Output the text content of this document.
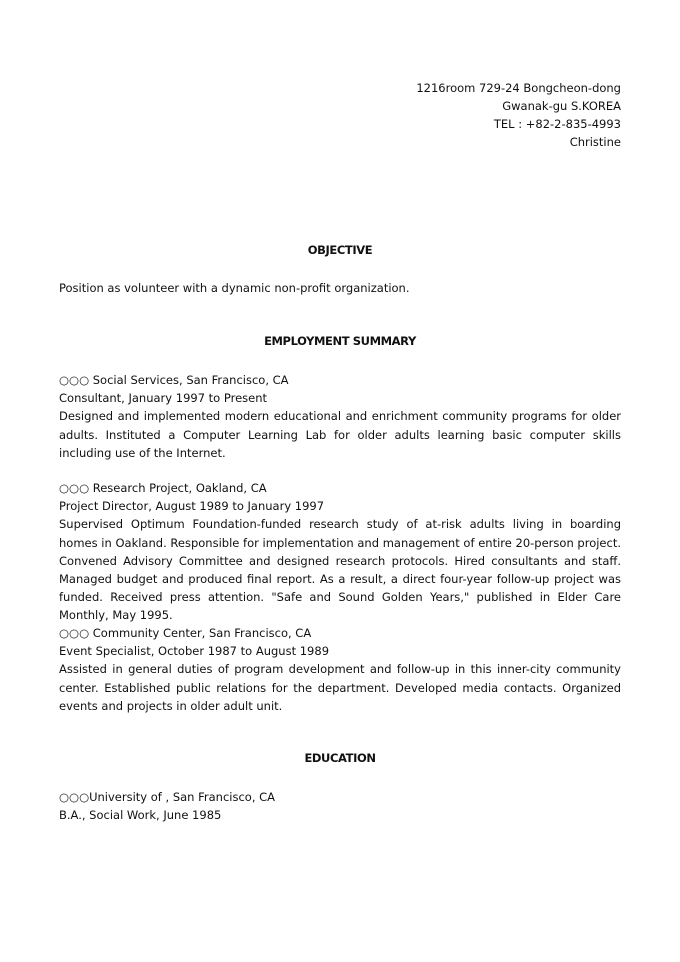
1216room 729-24 Bongcheon-dong
Gwanak-gu S.KOREA
TEL : +82-2-835-4993
Christine
OBJECTIVE
Position as volunteer with a dynamic non-profit organization.
EMPLOYMENT SUMMARY
○○○ Social Services, San Francisco, CA
Consultant, January 1997 to Present
Designed and implemented modern educational and enrichment community programs for older adults. Instituted a Computer Learning Lab for older adults learning basic computer skills including use of the Internet.
○○○ Research Project, Oakland, CA
Project Director, August 1989 to January 1997
Supervised Optimum Foundation-funded research study of at-risk adults living in boarding homes in Oakland. Responsible for implementation and management of entire 20-person project. Convened Advisory Committee and designed research protocols. Hired consultants and staff. Managed budget and produced final report. As a result, a direct four-year follow-up project was funded. Received press attention. "Safe and Sound Golden Years," published in Elder Care Monthly, May 1995.
○○○ Community Center, San Francisco, CA
Event Specialist, October 1987 to August 1989
Assisted in general duties of program development and follow-up in this inner-city community center. Established public relations for the department. Developed media contacts. Organized events and projects in older adult unit.
EDUCATION
○○○University of , San Francisco, CA
B.A., Social Work, June 1985
